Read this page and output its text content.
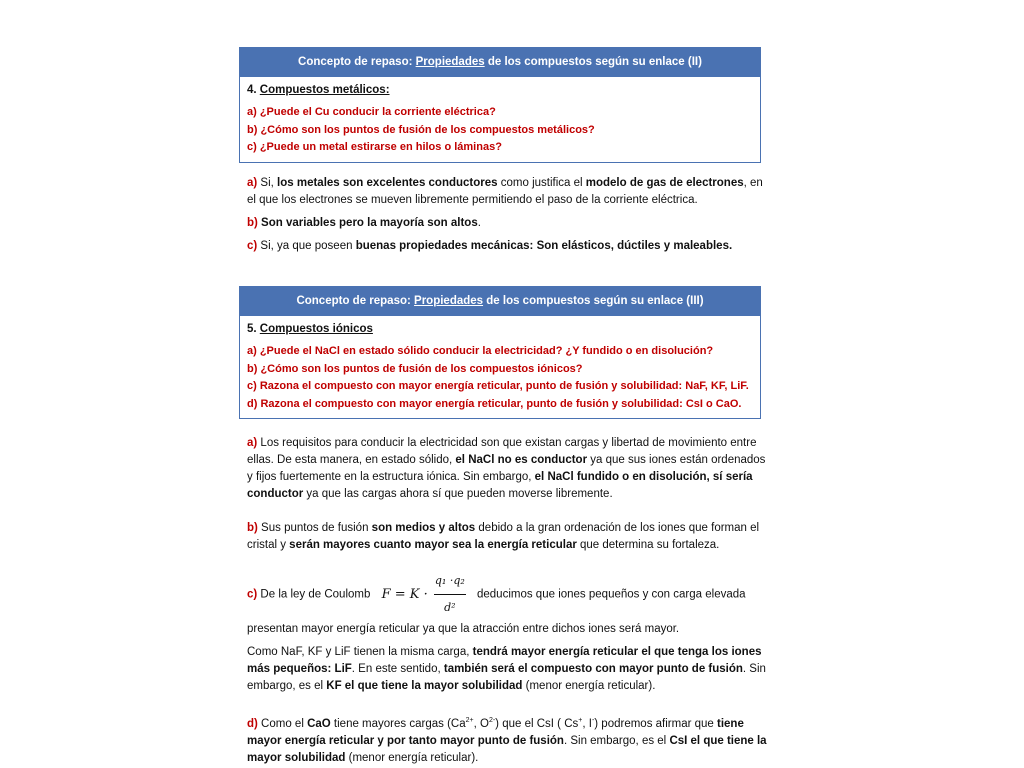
Concepto de repaso: Propiedades de los compuestos según su enlace (II)
4. Compuestos metálicos:
a) ¿Puede el Cu conducir la corriente eléctrica?
b) ¿Cómo son los puntos de fusión de los compuestos metálicos?
c) ¿Puede un metal estirarse en hilos o láminas?

a) Si, los metales son excelentes conductores como justifica el modelo de gas de electrones, en el que los electrones se mueven libremente permitiendo el paso de la corriente eléctrica.

b) Son variables pero la mayoría son altos.

c) Si, ya que poseen buenas propiedades mecánicas: Son elásticos, dúctiles y maleables.

Concepto de repaso: Propiedades de los compuestos según su enlace (III)
5. Compuestos iónicos
a) ¿Puede el NaCl en estado sólido conducir la electricidad? ¿Y fundido o en disolución?
b) ¿Cómo son los puntos de fusión de los compuestos iónicos?
c) Razona el compuesto con mayor energía reticular, punto de fusión y solubilidad: NaF, KF, LiF.
d) Razona el compuesto con mayor energía reticular, punto de fusión y solubilidad: CsI o CaO.

a) Los requisitos para conducir la electricidad son que existan cargas y libertad de movimiento entre ellas. De esta manera, en estado sólido, el NaCl no es conductor ya que sus iones están ordenados y fijos fuertemente en la estructura iónica. Sin embargo, el NaCl fundido o en disolución, sí sería conductor ya que las cargas ahora sí que pueden moverse libremente.

b) Sus puntos de fusión son medios y altos debido a la gran ordenación de los iones que forman el cristal y serán mayores cuanto mayor sea la energía reticular que determina su fortaleza.

c) De la ley de Coulomb $F = K \cdot \frac{\text{q₁ ·q₂}}{\text{d²}}$ deducimos que iones pequeños y con carga elevada

presentan mayor energía reticular ya que la atracción entre dichos iones será mayor.

Como NaF, KF y LiF tienen la misma carga, tendrá mayor energía reticular el que tenga los iones más pequeños: LiF. En este sentido, también será el compuesto con mayor punto de fusión. Sin embargo, es el KF el que tiene la mayor solubilidad (menor energía reticular).

d) Como el CaO tiene mayores cargas ($Ca^{2+}$, $O^{2-}$) que el CsI ( Cs+, I-) podremos afirmar que tiene mayor energía reticular y por tanto mayor punto de fusión. Sin embargo, es el CsI el que tiene la mayor solubilidad (menor energía reticular).
